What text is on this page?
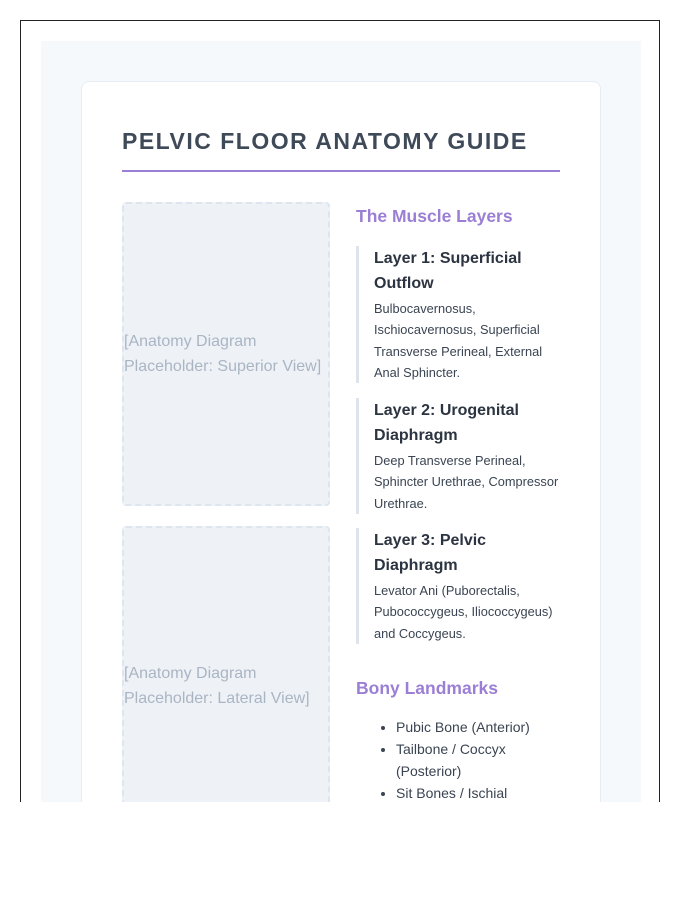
PELVIC FLOOR ANATOMY GUIDE
[Anatomy Diagram Placeholder: Superior View]
[Anatomy Diagram Placeholder: Lateral View]
The Muscle Layers

Layer 1: Superficial Outflow

Bulbocavernosus, Ischiocavernosus, Superficial Transverse Perineal, External Anal Sphincter.

Layer 2: Urogenital Diaphragm

Deep Transverse Perineal, Sphincter Urethrae, Compressor Urethrae.

Layer 3: Pelvic Diaphragm

Levator Ani (Puborectalis, Pubococcygeus, Iliococcygeus) and Coccygeus.

Bony Landmarks
• Pubic Bone (Anterior)
• Tailbone / Coccyx (Posterior)
• Sit Bones / Ischial
